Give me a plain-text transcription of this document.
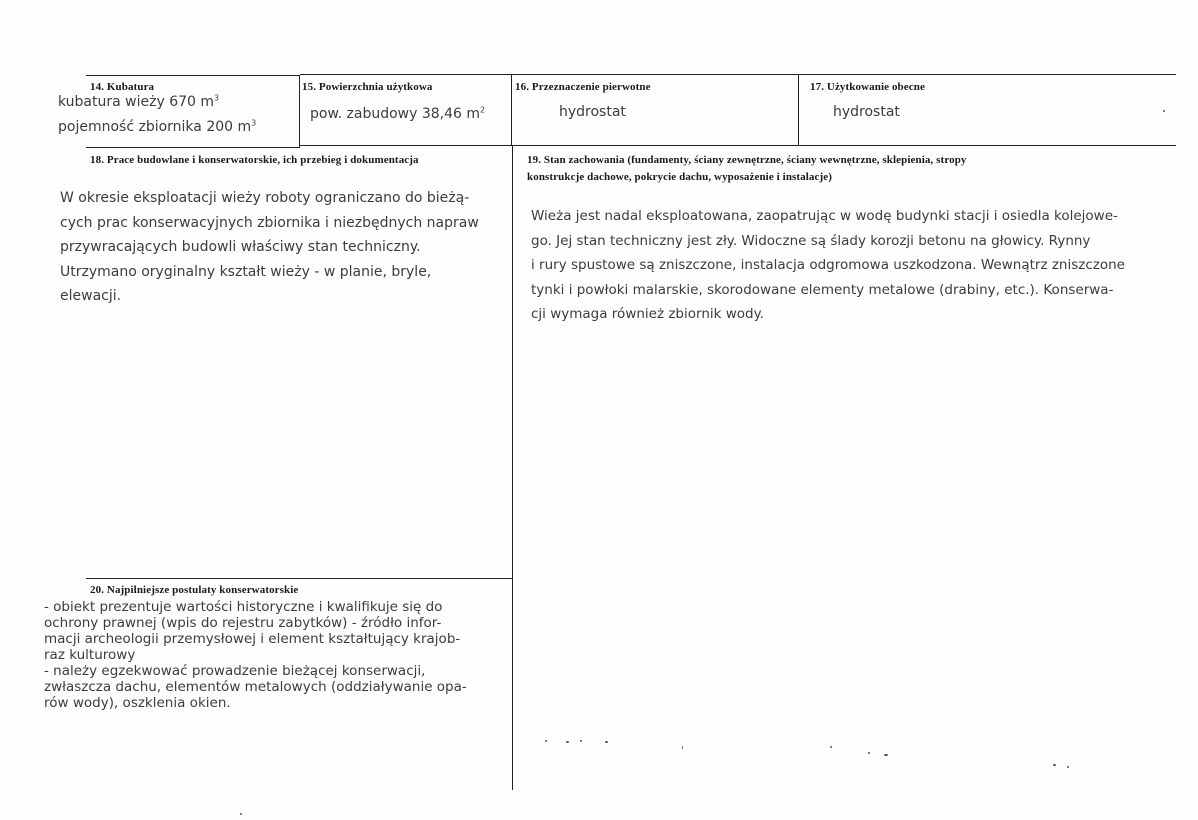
14. Kubatura
kubatura wieży 670 $m^3$
pojemność zbiornika 200 $m^3$
15. Powierzchnia użytkowa
pow. zabudowy 38,46 $m^2$
16. Przeznaczenie pierwotne
hydrostat
17. Użytkowanie obecne
hydrostat
18. Prace budowlane i konserwatorskie, ich przebieg i dokumentacja
W okresie eksploatacji wieży roboty ograniczano do bieżą-
cych prac konserwacyjnych zbiornika i niezbędnych napraw
przywracających budowli właściwy stan techniczny.
Utrzymano oryginalny kształt wieży - w planie, bryle,
elewacji.
19. Stan zachowania (fundamenty, ściany zewnętrzne, ściany wewnętrzne, sklepienia, stropy
konstrukcje dachowe, pokrycie dachu, wyposażenie i instalacje)
Wieża jest nadal eksploatowana, zaopatrując w wodę budynki stacji i osiedla kolejowe-
go. Jej stan techniczny jest zły. Widoczne są ślady korozji betonu na głowicy. Rynny
i rury spustowe są zniszczone, instalacja odgromowa uszkodzona. Wewnątrz zniszczone
tynki i powłoki malarskie, skorodowane elementy metalowe (drabiny, etc.). Konserwa-
cji wymaga również zbiornik wody.
20. Najpilniejsze postulaty konserwatorskie
- obiekt prezentuje wartości historyczne i kwalifikuje się do
ochrony prawnej (wpis do rejestru zabytków) - źródło infor-
macji archeologii przemysłowej i element kształtujący krajob-
raz kulturowy
- należy egzekwować prowadzenie bieżącej konserwacji,
zwłaszcza dachu, elementów metalowych (oddziaływanie opa-
rów wody), oszklenia okien.
